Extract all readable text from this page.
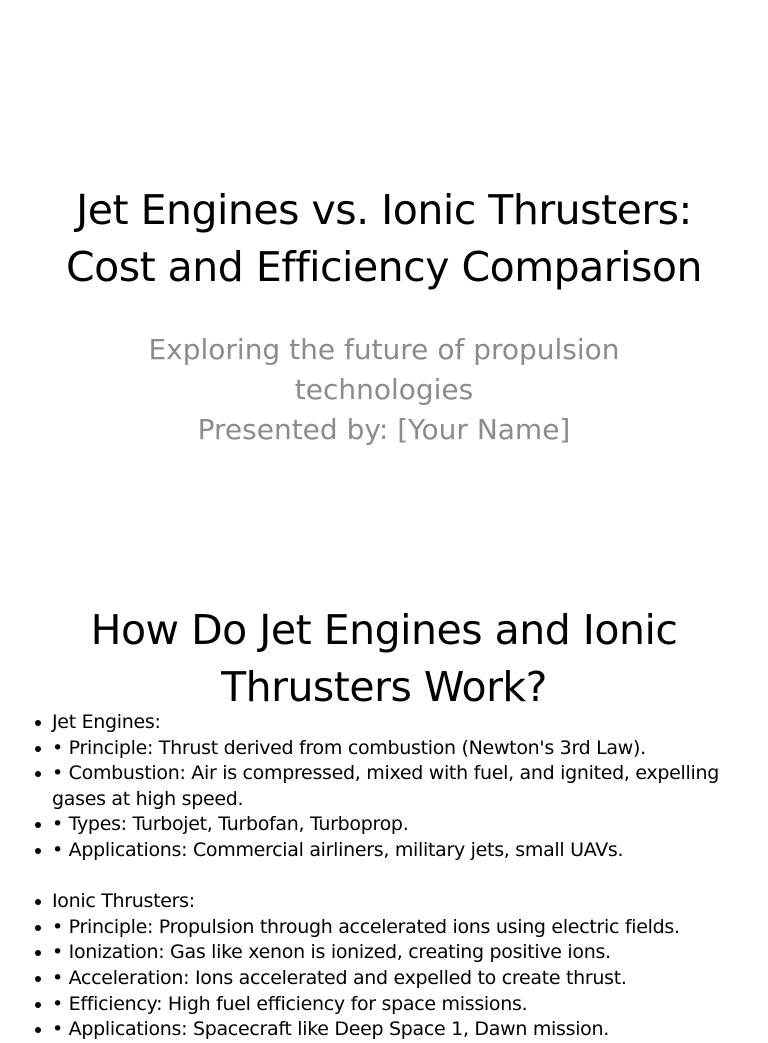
Jet Engines vs. Ionic Thrusters:
Cost and Efficiency Comparison

Exploring the future of propulsion
technologies
Presented by: [Your Name]

How Do Jet Engines and Ionic
Thrusters Work?
Jet Engines:
• Principle: Thrust derived from combustion (Newton's 3rd Law).
• Combustion: Air is compressed, mixed with fuel, and ignited, expelling gases at high speed.
• Types: Turbojet, Turbofan, Turboprop.
• Applications: Commercial airliners, military jets, small UAVs.
Ionic Thrusters:
• Principle: Propulsion through accelerated ions using electric fields.
• Ionization: Gas like xenon is ionized, creating positive ions.
• Acceleration: Ions accelerated and expelled to create thrust.
• Efficiency: High fuel efficiency for space missions.
• Applications: Spacecraft like Deep Space 1, Dawn mission.
